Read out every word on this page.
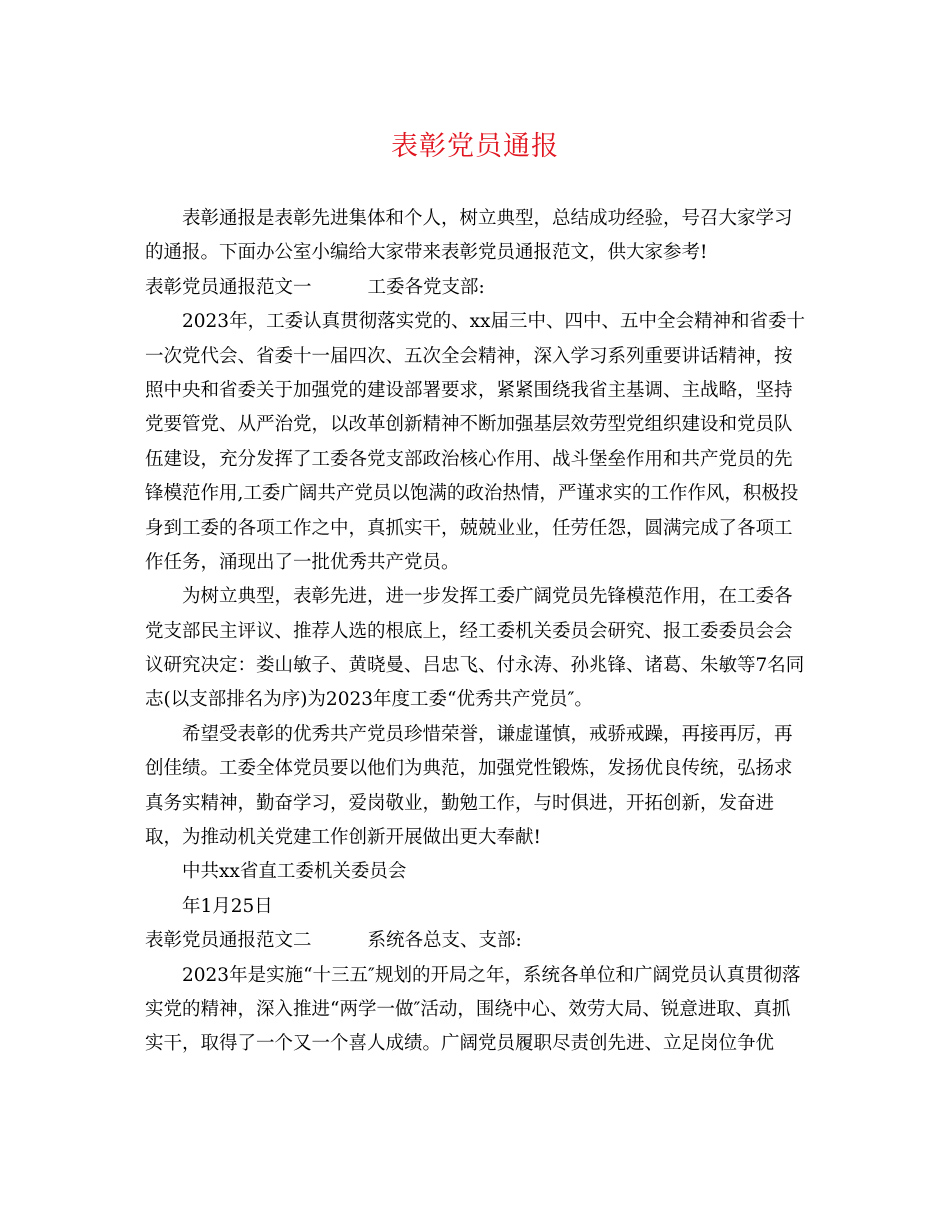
表彰党员通报
表彰通报是表彰先进集体和个人，树立典型，总结成功经验，号召大家学习
的通报。下面办公室小编给大家带来表彰党员通报范文，供大家参考!
表彰党员通报范文一	工委各党支部:
2023年，工委认真贯彻落实党的、xx届三中、四中、五中全会精神和省委十
一次党代会、省委十一届四次、五次全会精神，深入学习系列重要讲话精神，按
照中央和省委关于加强党的建设部署要求，紧紧围绕我省主基调、主战略，坚持
党要管党、从严治党，以改革创新精神不断加强基层效劳型党组织建设和党员队
伍建设，充分发挥了工委各党支部政治核心作用、战斗堡垒作用和共产党员的先
锋模范作用,工委广阔共产党员以饱满的政治热情，严谨求实的工作作风，积极投
身到工委的各项工作之中，真抓实干，兢兢业业，任劳任怨，圆满完成了各项工
作任务，涌现出了一批优秀共产党员。
为树立典型，表彰先进，进一步发挥工委广阔党员先锋模范作用，在工委各
党支部民主评议、推荐人选的根底上，经工委机关委员会研究、报工委委员会会
议研究决定：娄山敏子、黄晓曼、吕忠飞、付永涛、孙兆锋、诸葛、朱敏等7名同
志(以支部排名为序)为2023年度工委“优秀共产党员″。
希望受表彰的优秀共产党员珍惜荣誉，谦虚谨慎，戒骄戒躁，再接再厉，再
创佳绩。工委全体党员要以他们为典范，加强党性锻炼，发扬优良传统，弘扬求
真务实精神，勤奋学习，爱岗敬业，勤勉工作，与时俱进，开拓创新，发奋进
取，为推动机关党建工作创新开展做出更大奉献!
中共xx省直工委机关委员会
年1月25日
表彰党员通报范文二	系统各总支、支部:
2023年是实施“十三五″规划的开局之年，系统各单位和广阔党员认真贯彻落
实党的精神，深入推进“两学一做″活动，围绕中心、效劳大局、锐意进取、真抓
实干，取得了一个又一个喜人成绩。广阔党员履职尽责创先进、立足岗位争优
